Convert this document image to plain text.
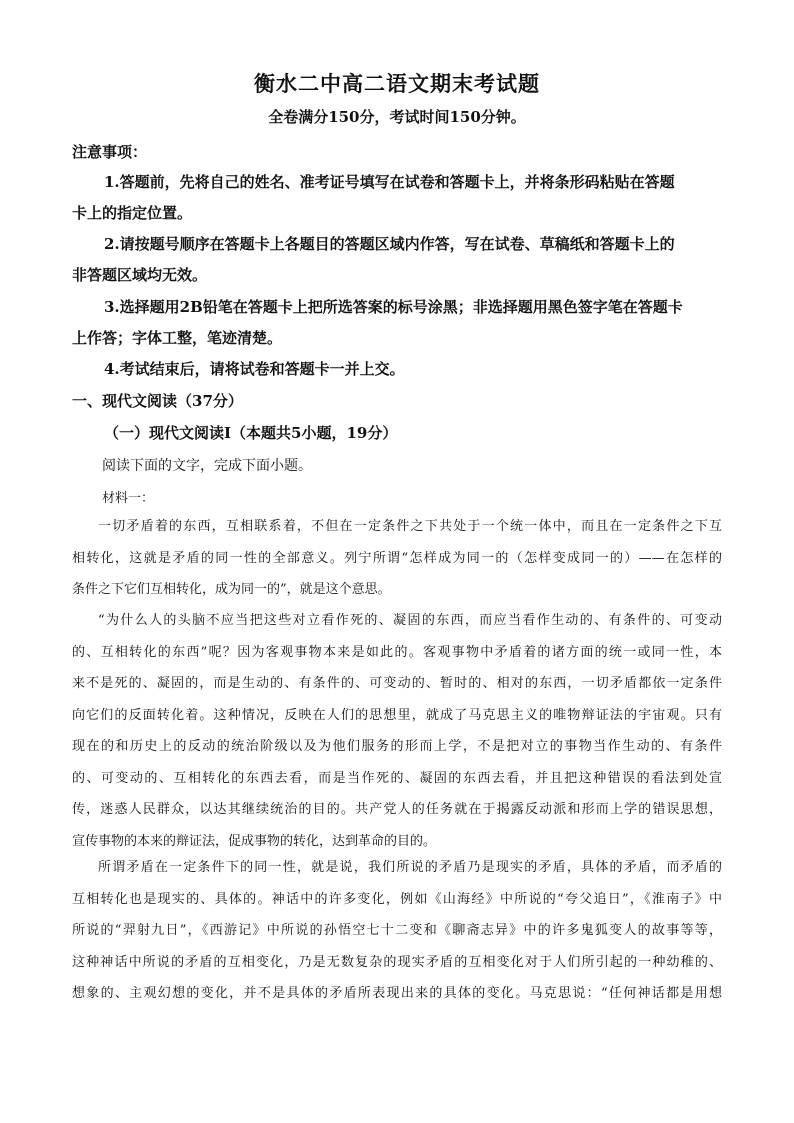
衡水二中高二语文期末考试题
全卷满分150分，考试时间150分钟。
注意事项：
1.答题前，先将自己的姓名、准考证号填写在试卷和答题卡上，并将条形码粘贴在答题
卡上的指定位置。
2.请按题号顺序在答题卡上各题目的答题区域内作答，写在试卷、草稿纸和答题卡上的
非答题区域均无效。
3.选择题用2B铅笔在答题卡上把所选答案的标号涂黑；非选择题用黑色签字笔在答题卡
上作答；字体工整，笔迹清楚。
4.考试结束后，请将试卷和答题卡一并上交。
一、现代文阅读（37分）
（一）现代文阅读Ⅰ（本题共5小题，19分）
阅读下面的文字，完成下面小题。
材料一：
一切矛盾着的东西，互相联系着，不但在一定条件之下共处于一个统一体中，而且在一定条件之下互
相转化，这就是矛盾的同一性的全部意义。列宁所谓“怎样成为同一的（怎样变成同一的）——在怎样的
条件之下它们互相转化，成为同一的”，就是这个意思。
“为什么人的头脑不应当把这些对立看作死的、凝固的东西，而应当看作生动的、有条件的、可变动
的、互相转化的东西”呢？因为客观事物本来是如此的。客观事物中矛盾着的诸方面的统一或同一性，本
来不是死的、凝固的，而是生动的、有条件的、可变动的、暂时的、相对的东西，一切矛盾都依一定条件
向它们的反面转化着。这种情况，反映在人们的思想里，就成了马克思主义的唯物辩证法的宇宙观。只有
现在的和历史上的反动的统治阶级以及为他们服务的形而上学，不是把对立的事物当作生动的、有条件
的、可变动的、互相转化的东西去看，而是当作死的、凝固的东西去看，并且把这种错误的看法到处宣
传，迷惑人民群众，以达其继续统治的目的。共产党人的任务就在于揭露反动派和形而上学的错误思想，
宣传事物的本来的辩证法，促成事物的转化，达到革命的目的。
所谓矛盾在一定条件下的同一性，就是说，我们所说的矛盾乃是现实的矛盾，具体的矛盾，而矛盾的
互相转化也是现实的、具体的。神话中的许多变化，例如《山海经》中所说的“夸父追日”，《淮南子》中
所说的“羿射九日”，《西游记》中所说的孙悟空七十二变和《聊斋志异》中的许多鬼狐变人的故事等等，
这种神话中所说的矛盾的互相变化，乃是无数复杂的现实矛盾的互相变化对于人们所引起的一种幼稚的、
想象的、主观幻想的变化，并不是具体的矛盾所表现出来的具体的变化。马克思说：“任何神话都是用想
